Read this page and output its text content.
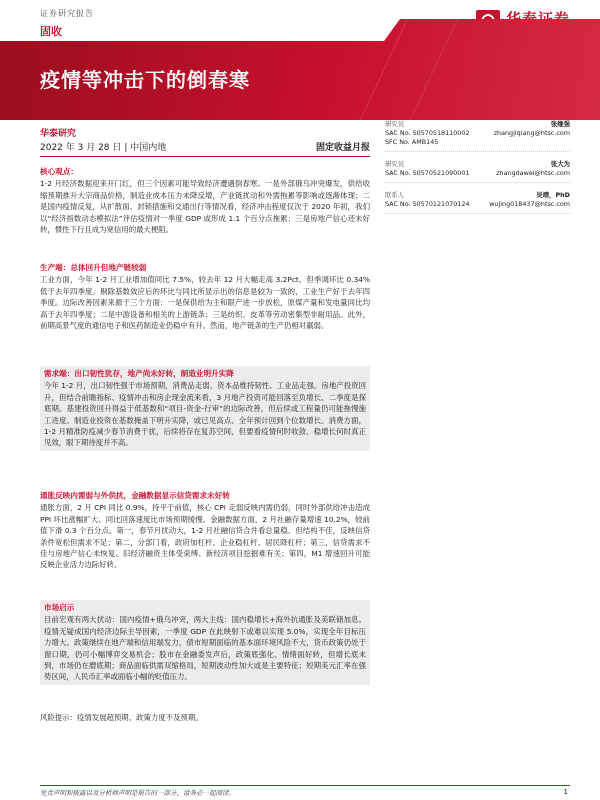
证券研究报告
固收
疫情等冲击下的倒春寒
华泰研究
2022 年 3 月 28 日 | 中国内地	固定收益月报
核心观点：

1-2 月经济数据迎来开门红，但三个因素可能导致经济遭遇倒春寒。一是外部俄乌冲突爆发，供给收缩预期推升大宗商品价格，制造业成本压力未降反增，产业链扰动和外需拖累等影响或逐渐体现；二是国内疫情反复，从扩散面、封锁措施和交通出行等情况看，经济冲击程度仅次于 2020 年初，我们以“经济指数动态模拟法”评估疫情对一季度 GDP 或形成 1.1 个百分点拖累；三是房地产信心还未好转，惯性下行且成为宽信用的最大梗阻。

生产端：总体回升但地产链较弱

工业方面，今年 1-2 月工业增加值同比 7.5%，较去年 12 月大幅走高 3.2Pct，但季调环比 0.34%低于去年四季度。剔除基数效应后的环比与同比所显示出的信息是较为一致的，工业生产好于去年四季度。边际改善因素来源于三个方面：一是保供给为主和限产进一步放松，原煤产量和发电量同比均高于去年四季度；二是中游设备和相关的上游链条；三是纺织、皮革等劳动密集型非耐用品。此外，前期高景气度的通信电子和医药制造业仍稳中有升。然而，地产链条的生产仍相对羸弱。

需求端：出口韧性犹存，地产尚未好转，制造业明升实降

今年 1-2 月，出口韧性强于市场预期，消费品走弱、资本品维持韧性、工业品走强。房地产投资回升，但结合前瞻指标、疫情冲击和房企现金流来看，3 月地产投资可能回落至负增长、二季度是探底期。基建投资回升得益于低基数和“项目-资金-行审”的边际改善，但后续或工程量仍可能拖慢施工进度。制造业投资在基数掩盖下明升实降，或已见高点、全年预计回到个位数增长。消费方面，1-2 月精准防疫减少春节消费干扰，后续将存在复苏空间，但要看疫情何时收敛、稳增长何时真正见效，眼下期待度并不高。

通胀反映内需弱与外供扰，金融数据显示信贷需求未好转

通胀方面，2 月 CPI 同比 0.9%，持平于前值，核心 CPI 走弱反映内需仍弱，同时外部供给冲击造成 PPI 环比涨幅扩大、同比回落速度比市场预期缓慢。金融数据方面，2 月社融存量增速 10.2%，较前值下滑 0.3 个百分点。第一，春节月扰动大，1-2 月社融信贷合并看总量稳、但结构不佳，反映信贷条件宽松但需求不足；第二，分部门看，政府加杠杆、企业稳杠杆、居民降杠杆；第三，信贷需求不佳与房地产信心未恢复、旧经济融资主体受束缚、新经济项目挖掘难有关；第四，M1 增速回升可能反映企业活力边际好转。

市场启示

目前宏观有两大扰动：国内疫情+俄乌冲突，两大主线：国内稳增长+海外抗通胀及美联储加息。疫情无疑成国内经济边际主导因素，一季度 GDP 在此映射下或难以实现 5.0%，实现全年目标压力增大。政策继续在地产端和信用端发力，债市短期面临的基本面环境风险不大，货币政策仍处于窗口期，仍可小幅博弈交易机会；股市在金融委发声后，政策底强化、情绪面好转，但增长底未到，市场仍在磨底期；商品面临供需双缩格局，短期波动性加大或是主要特征；短期美元汇率在强势区间，人民币汇率或面临小幅的贬值压力。

风险提示：疫情发展超预期、政策力度不及预期。

研究员	张继强
SAC No. S0570518110002	zhangjiqiang@htsc.com
SFC No. AMB145
研究员	张大为
SAC No. S0570521090001	zhangdawei@htsc.com
联系人	吴靖，PhD
SAC No. S0570121070124	wujing018437@htsc.com
免责声明和披露以及分析师声明是报告的一部分，请务必一起阅读。	1
